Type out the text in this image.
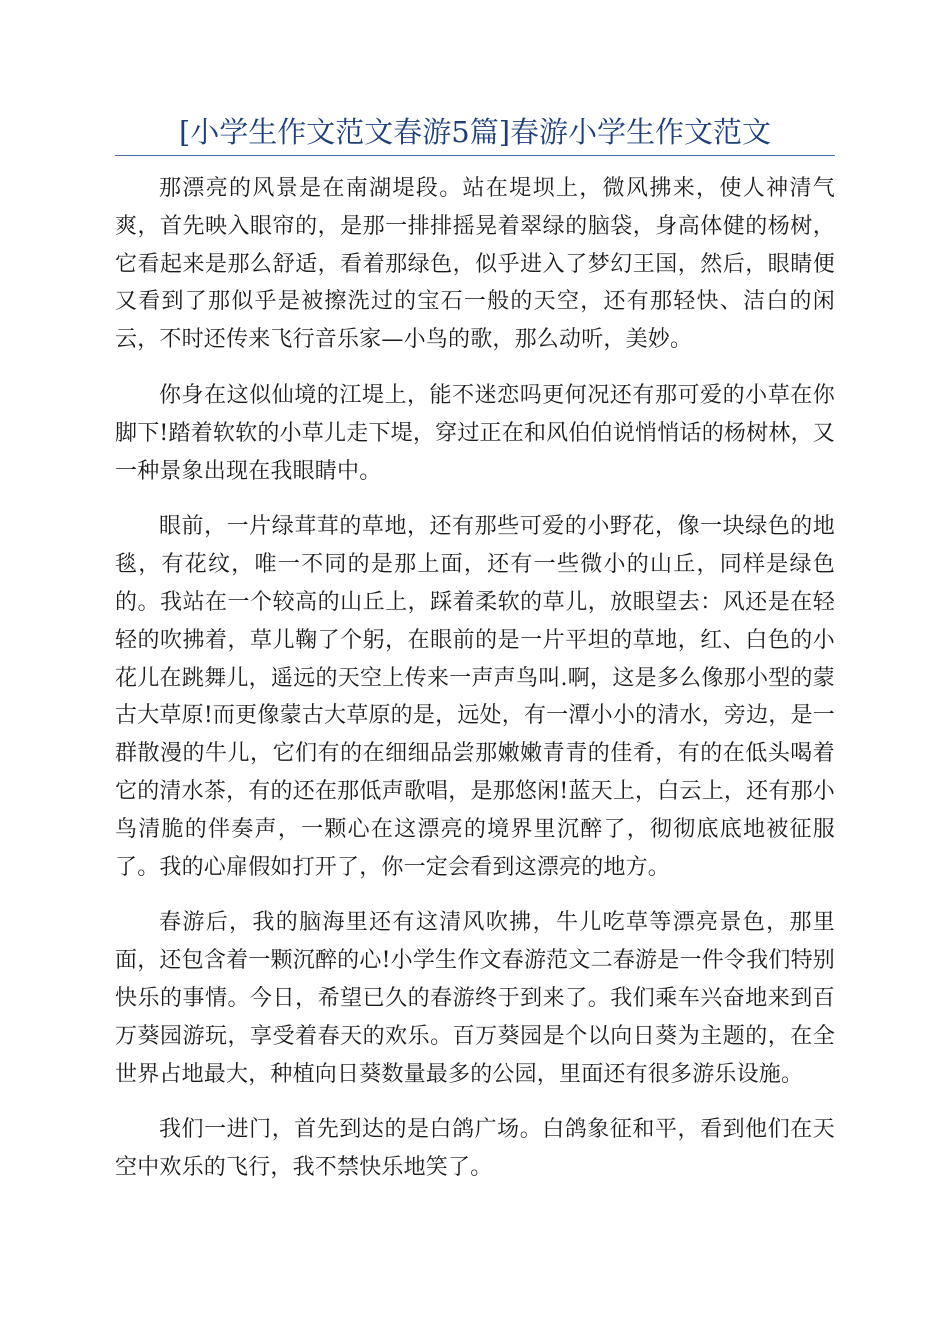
[小学生作文范文春游5篇]春游小学生作文范文

那漂亮的风景是在南湖堤段。站在堤坝上，微风拂来，使人神清气爽，首先映入眼帘的，是那一排排摇晃着翠绿的脑袋，身高体健的杨树，它看起来是那么舒适，看着那绿色，似乎进入了梦幻王国，然后，眼睛便又看到了那似乎是被擦洗过的宝石一般的天空，还有那轻快、洁白的闲云，不时还传来飞行音乐家—小鸟的歌，那么动听，美妙。

你身在这似仙境的江堤上，能不迷恋吗更何况还有那可爱的小草在你脚下!踏着软软的小草儿走下堤，穿过正在和风伯伯说悄悄话的杨树林，又一种景象出现在我眼睛中。

眼前，一片绿茸茸的草地，还有那些可爱的小野花，像一块绿色的地毯，有花纹，唯一不同的是那上面，还有一些微小的山丘，同样是绿色的。我站在一个较高的山丘上，踩着柔软的草儿，放眼望去：风还是在轻轻的吹拂着，草儿鞠了个躬，在眼前的是一片平坦的草地，红、白色的小花儿在跳舞儿，遥远的天空上传来一声声鸟叫.啊，这是多么像那小型的蒙古大草原!而更像蒙古大草原的是，远处，有一潭小小的清水，旁边，是一群散漫的牛儿，它们有的在细细品尝那嫩嫩青青的佳肴，有的在低头喝着它的清水茶，有的还在那低声歌唱，是那悠闲!蓝天上，白云上，还有那小鸟清脆的伴奏声，一颗心在这漂亮的境界里沉醉了，彻彻底底地被征服了。我的心扉假如打开了，你一定会看到这漂亮的地方。

春游后，我的脑海里还有这清风吹拂，牛儿吃草等漂亮景色，那里面，还包含着一颗沉醉的心!小学生作文春游范文二春游是一件令我们特别快乐的事情。今日，希望已久的春游终于到来了。我们乘车兴奋地来到百万葵园游玩，享受着春天的欢乐。百万葵园是个以向日葵为主题的，在全世界占地最大，种植向日葵数量最多的公园，里面还有很多游乐设施。

我们一进门，首先到达的是白鸽广场。白鸽象征和平，看到他们在天空中欢乐的飞行，我不禁快乐地笑了。
